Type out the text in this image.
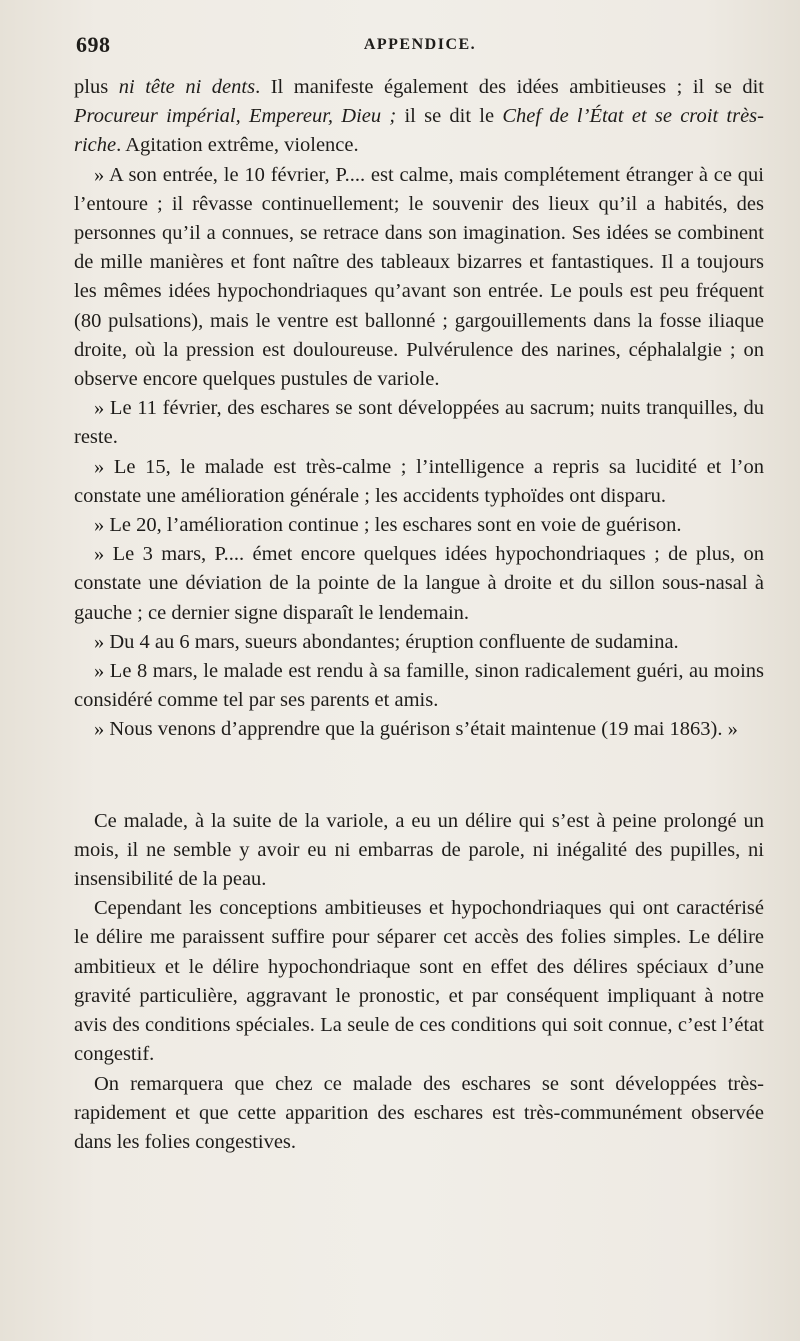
698	APPENDICE.

plus ni tête ni dents. Il manifeste également des idées ambitieuses ; il se dit Procureur impérial, Empereur, Dieu ; il se dit le Chef de l’État et se croit très-riche. Agitation extrême, violence.

» A son entrée, le 10 février, P.... est calme, mais complétement étranger à ce qui l’entoure ; il rêvasse continuellement; le souvenir des lieux qu’il a habités, des personnes qu’il a connues, se retrace dans son imagination. Ses idées se combinent de mille manières et font naître des tableaux bizarres et fantastiques. Il a toujours les mêmes idées hypochondriaques qu’avant son entrée. Le pouls est peu fréquent (80 pulsations), mais le ventre est ballonné ; gargouillements dans la fosse iliaque droite, où la pression est douloureuse. Pulvérulence des narines, céphalalgie ; on observe encore quelques pustules de variole.

» Le 11 février, des eschares se sont développées au sacrum; nuits tranquilles, du reste.

» Le 15, le malade est très-calme ; l’intelligence a repris sa lucidité et l’on constate une amélioration générale ; les accidents typhoïdes ont disparu.

» Le 20, l’amélioration continue ; les eschares sont en voie de guérison.

» Le 3 mars, P.... émet encore quelques idées hypochondriaques ; de plus, on constate une déviation de la pointe de la langue à droite et du sillon sous-nasal à gauche ; ce dernier signe disparaît le lendemain.

» Du 4 au 6 mars, sueurs abondantes; éruption confluente de sudamina.

» Le 8 mars, le malade est rendu à sa famille, sinon radicalement guéri, au moins considéré comme tel par ses parents et amis.

» Nous venons d’apprendre que la guérison s’était maintenue (19 mai 1863). »

Ce malade, à la suite de la variole, a eu un délire qui s’est à peine prolongé un mois, il ne semble y avoir eu ni embarras de parole, ni inégalité des pupilles, ni insensibilité de la peau.

Cependant les conceptions ambitieuses et hypochondriaques qui ont caractérisé le délire me paraissent suffire pour séparer cet accès des folies simples. Le délire ambitieux et le délire hypochondriaque sont en effet des délires spéciaux d’une gravité particulière, aggravant le pronostic, et par conséquent impliquant à notre avis des conditions spéciales. La seule de ces conditions qui soit connue, c’est l’état congestif.

On remarquera que chez ce malade des eschares se sont développées très-rapidement et que cette apparition des eschares est très-communément observée dans les folies congestives.
